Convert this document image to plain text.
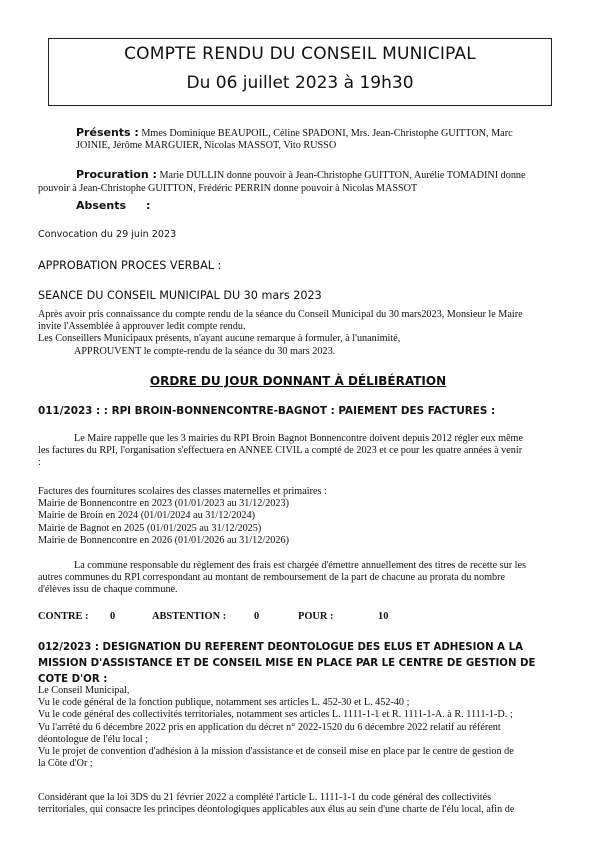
COMPTE RENDU DU CONSEIL MUNICIPAL
Du 06 juillet 2023 à 19h30
Présents : Mmes Dominique BEAUPOIL, Céline SPADONI, Mrs. Jean-Christophe GUITTON, Marc
JOINIE, Jérôme MARGUIER, Nicolas MASSOT, Vito RUSSO
Procuration : Marie DULLIN donne pouvoir à Jean-Christophe GUITTON, Aurélie TOMADINI donne
pouvoir à Jean-Christophe GUITTON, Frédéric PERRIN donne pouvoir à Nicolas MASSOT
Absents :
Convocation du 29 juin 2023
APPROBATION PROCES VERBAL :
SEANCE DU CONSEIL MUNICIPAL DU 30 mars 2023
Après avoir pris connaissance du compte rendu de la séance du Conseil Municipal du 30 mars2023, Monsieur le Maire
invite l'Assemblée à approuver ledit compte rendu.
Les Conseillers Municipaux présents, n'ayant aucune remarque à formuler, à l'unanimité,
APPROUVENT le compte-rendu de la séance du 30 mars 2023.
ORDRE DU JOUR DONNANT À DÉLIBÉRATION
011/2023 : : RPI BROIN-BONNENCONTRE-BAGNOT : PAIEMENT DES FACTURES :
Le Maire rappelle que les 3 mairies du RPI Broin Bagnot Bonnencontre doivent depuis 2012 régler eux même
les factures du RPI, l'organisation s'effectuera en ANNEE CIVIL a compté de 2023 et ce pour les quatre années à venir
:
Factures des fournitures scolaires des classes maternelles et primaires :
Mairie de Bonnencontre en 2023 (01/01/2023 au 31/12/2023)
Mairie de Broin en 2024 (01/01/2024 au 31/12/2024)
Mairie de Bagnot en 2025 (01/01/2025 au 31/12/2025)
Mairie de Bonnencontre en 2026 (01/01/2026 au 31/12/2026)
La commune responsable du règlement des frais est chargée d'émettre annuellement des titres de recette sur les
autres communes du RPI correspondant au montant de remboursement de la part de chacune au prorata du nombre
d'élèves issu de chaque commune.
CONTRE : 0	ABSTENTION :	0	POUR :	10
012/2023 : DESIGNATION DU REFERENT DEONTOLOGUE DES ELUS ET ADHESION A LA
MISSION D'ASSISTANCE ET DE CONSEIL MISE EN PLACE PAR LE CENTRE DE GESTION DE
COTE D'OR :
Le Conseil Municipal,
Vu le code général de la fonction publique, notamment ses articles L. 452-30 et L. 452-40 ;
Vu le code général des collectivités territoriales, notamment ses articles L. 1111-1-1 et R. 1111-1-A. à R. 1111-1-D. ;
Vu l'arrêté du 6 décembre 2022 pris en application du décret n° 2022-1520 du 6 décembre 2022 relatif au référent
déontologue de l'élu local ;
Vu le projet de convention d'adhésion à la mission d'assistance et de conseil mise en place par le centre de gestion de
la Côte d'Or ;
Considérant que la loi 3DS du 21 février 2022 a complété l'article L. 1111-1-1 du code général des collectivités
territoriales, qui consacre les principes déontologiques applicables aux élus au sein d'une charte de l'élu local, afin de
